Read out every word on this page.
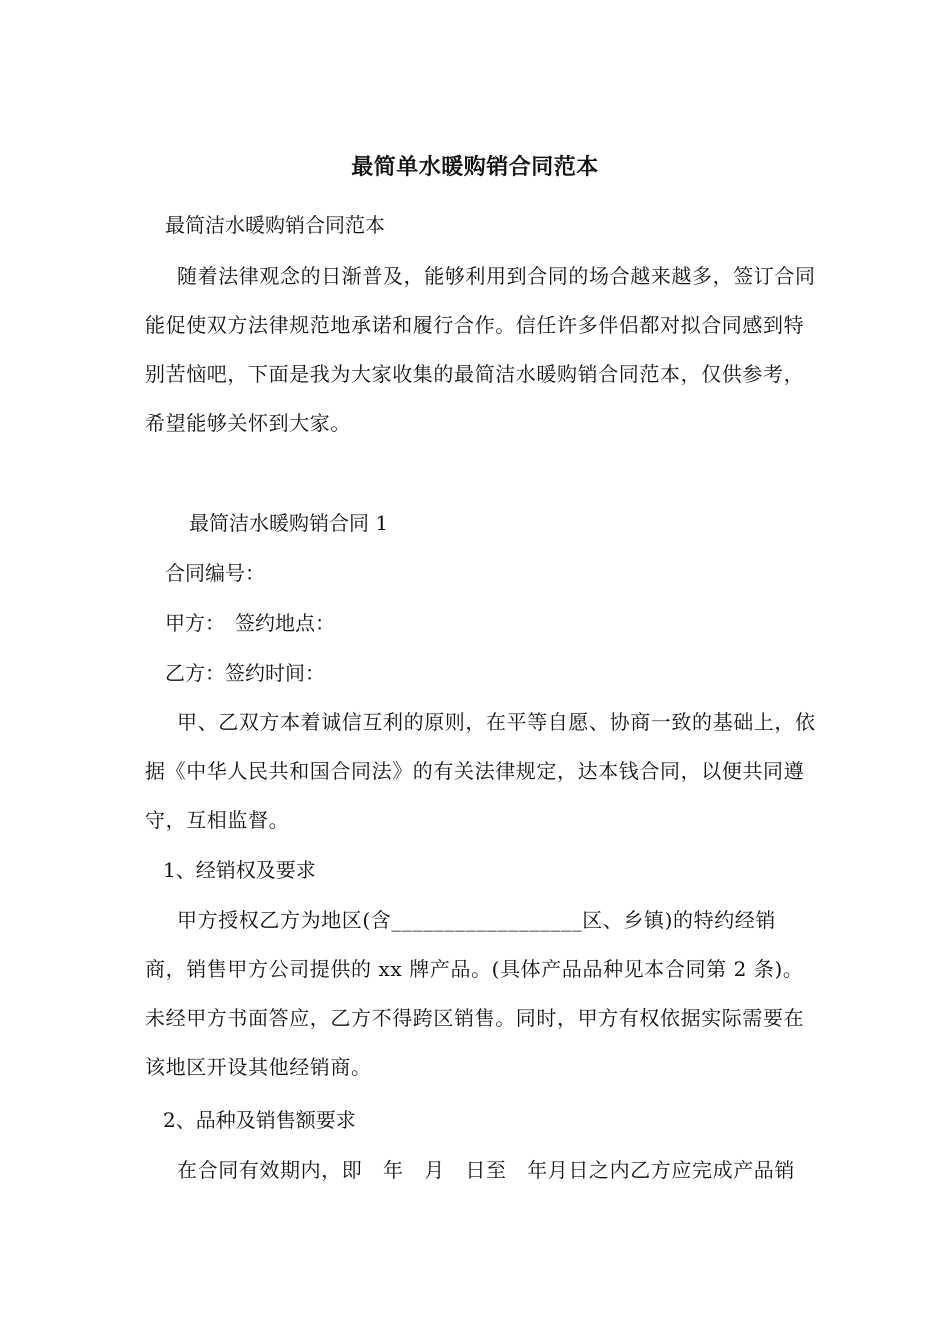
最简单水暖购销合同范本
最简洁水暖购销合同范本
随着法律观念的日渐普及，能够利用到合同的场合越来越多，签订合同能促使双方法律规范地承诺和履行合作。信任许多伴侣都对拟合同感到特别苦恼吧，下面是我为大家收集的最简洁水暖购销合同范本，仅供参考，希望能够关怀到大家。
最简洁水暖购销合同 1
合同编号：
甲方：　签约地点：
乙方：签约时间：
甲、乙双方本着诚信互利的原则，在平等自愿、协商一致的基础上，依据《中华人民共和国合同法》的有关法律规定，达本钱合同，以便共同遵守，互相监督。
1、经销权及要求
甲方授权乙方为地区(含__________________区、乡镇)的特约经销商，销售甲方公司提供的 xx 牌产品。(具体产品品种见本合同第 2 条)。未经甲方书面答应，乙方不得跨区销售。同时，甲方有权依据实际需要在该地区开设其他经销商。
2、品种及销售额要求
在合同有效期内，即　年　月　日至　年月日之内乙方应完成产品销
